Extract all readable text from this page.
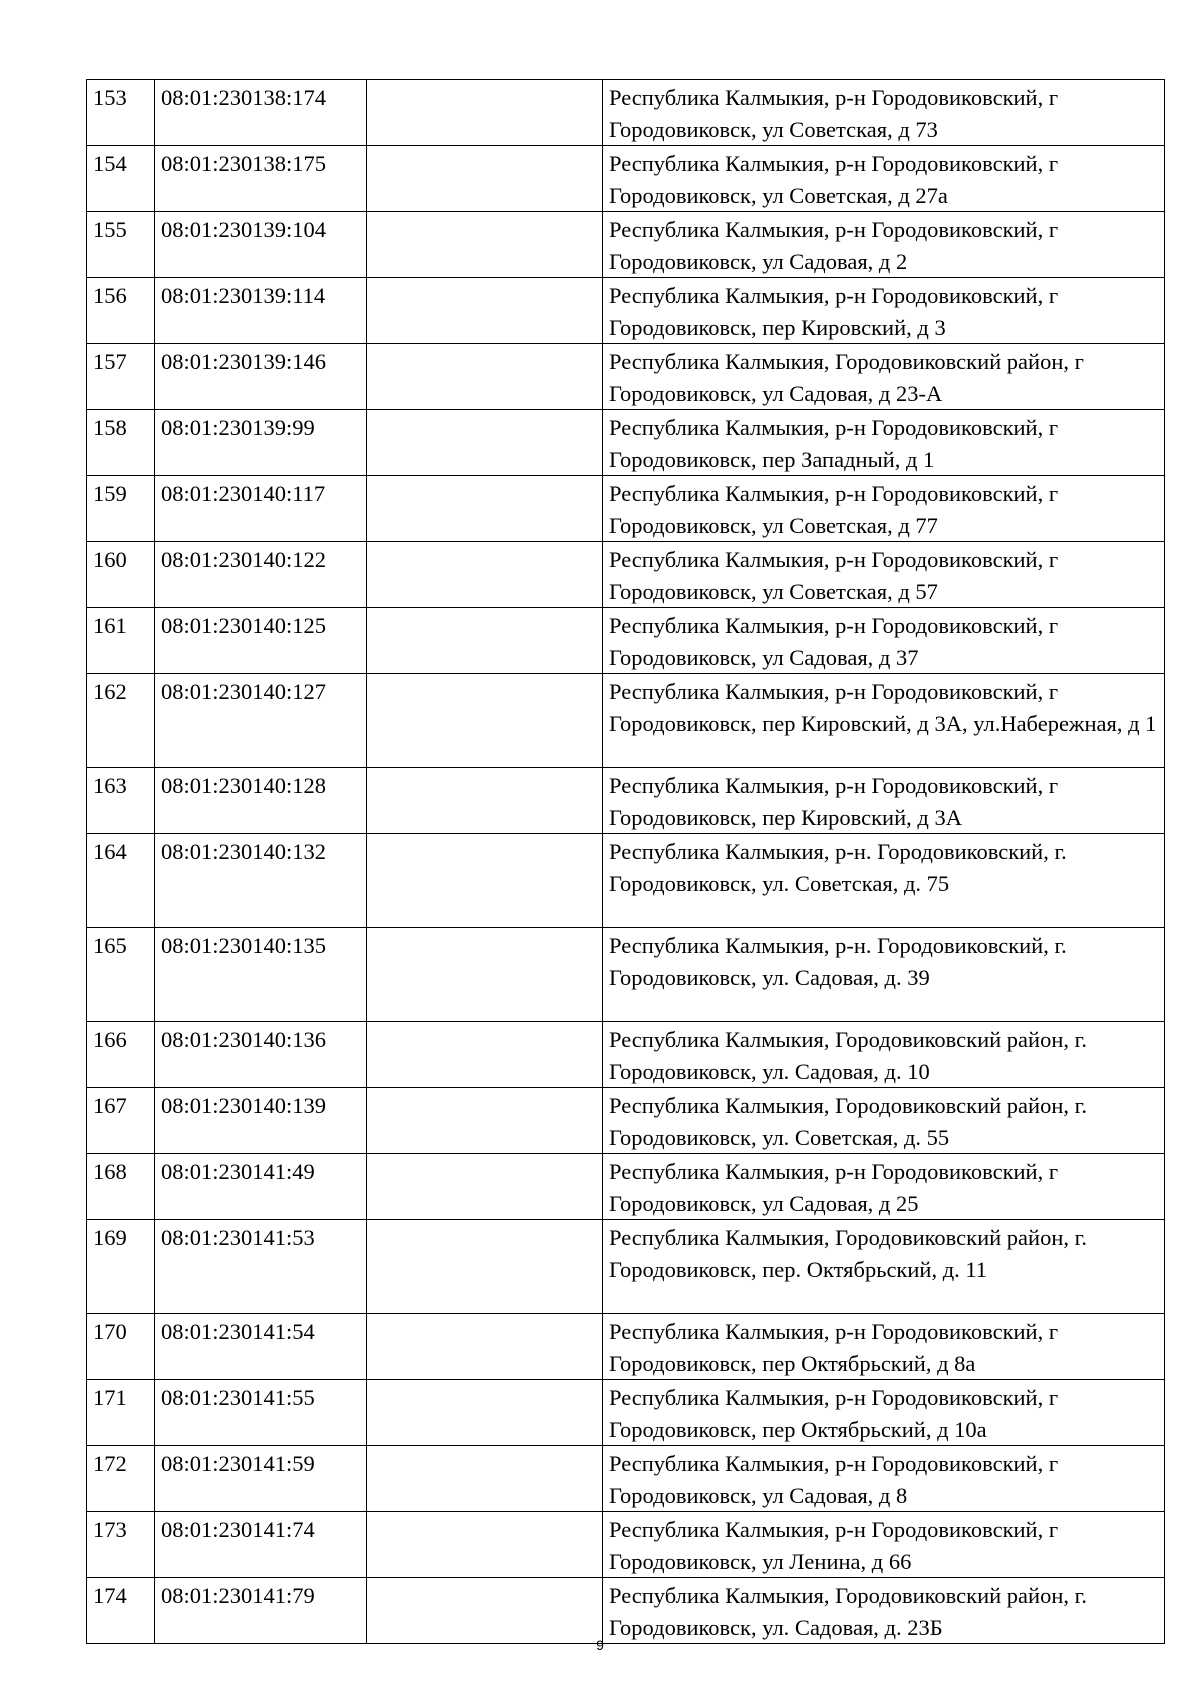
153	08:01:230138:174		Республика Калмыкия, р-н Городовиковский, г Городовиковск, ул Советская, д 73
154	08:01:230138:175		Республика Калмыкия, р-н Городовиковский, г Городовиковск, ул Советская, д 27а
155	08:01:230139:104		Республика Калмыкия, р-н Городовиковский, г Городовиковск, ул Садовая, д 2
156	08:01:230139:114		Республика Калмыкия, р-н Городовиковский, г Городовиковск, пер Кировский, д 3
157	08:01:230139:146		Республика Калмыкия, Городовиковский район, г Городовиковск, ул Садовая, д 23-А
158	08:01:230139:99		Республика Калмыкия, р-н Городовиковский, г Городовиковск, пер Западный, д 1
159	08:01:230140:117		Республика Калмыкия, р-н Городовиковский, г Городовиковск, ул Советская, д 77
160	08:01:230140:122		Республика Калмыкия, р-н Городовиковский, г Городовиковск, ул Советская, д 57
161	08:01:230140:125		Республика Калмыкия, р-н Городовиковский, г Городовиковск, ул Садовая, д 37
162	08:01:230140:127		Республика Калмыкия, р-н Городовиковский, г Городовиковск, пер Кировский, д 3А, ул.Набережная, д 1
163	08:01:230140:128		Республика Калмыкия, р-н Городовиковский, г Городовиковск, пер Кировский, д 3А
164	08:01:230140:132		Республика Калмыкия, р-н. Городовиковский, г. Городовиковск, ул. Советская, д. 75
165	08:01:230140:135		Республика Калмыкия, р-н. Городовиковский, г. Городовиковск, ул. Садовая, д. 39
166	08:01:230140:136		Республика Калмыкия, Городовиковский район, г. Городовиковск, ул. Садовая, д. 10
167	08:01:230140:139		Республика Калмыкия, Городовиковский район, г. Городовиковск, ул. Советская, д. 55
168	08:01:230141:49		Республика Калмыкия, р-н Городовиковский, г Городовиковск, ул Садовая, д 25
169	08:01:230141:53		Республика Калмыкия, Городовиковский район, г. Городовиковск, пер. Октябрьский, д. 11
170	08:01:230141:54		Республика Калмыкия, р-н Городовиковский, г Городовиковск, пер Октябрьский, д 8а
171	08:01:230141:55		Республика Калмыкия, р-н Городовиковский, г Городовиковск, пер Октябрьский, д 10а
172	08:01:230141:59		Республика Калмыкия, р-н Городовиковский, г Городовиковск, ул Садовая, д 8
173	08:01:230141:74		Республика Калмыкия, р-н Городовиковский, г Городовиковск, ул Ленина, д 66
174	08:01:230141:79		Республика Калмыкия, Городовиковский район, г. Городовиковск, ул. Садовая, д. 23Б
9
